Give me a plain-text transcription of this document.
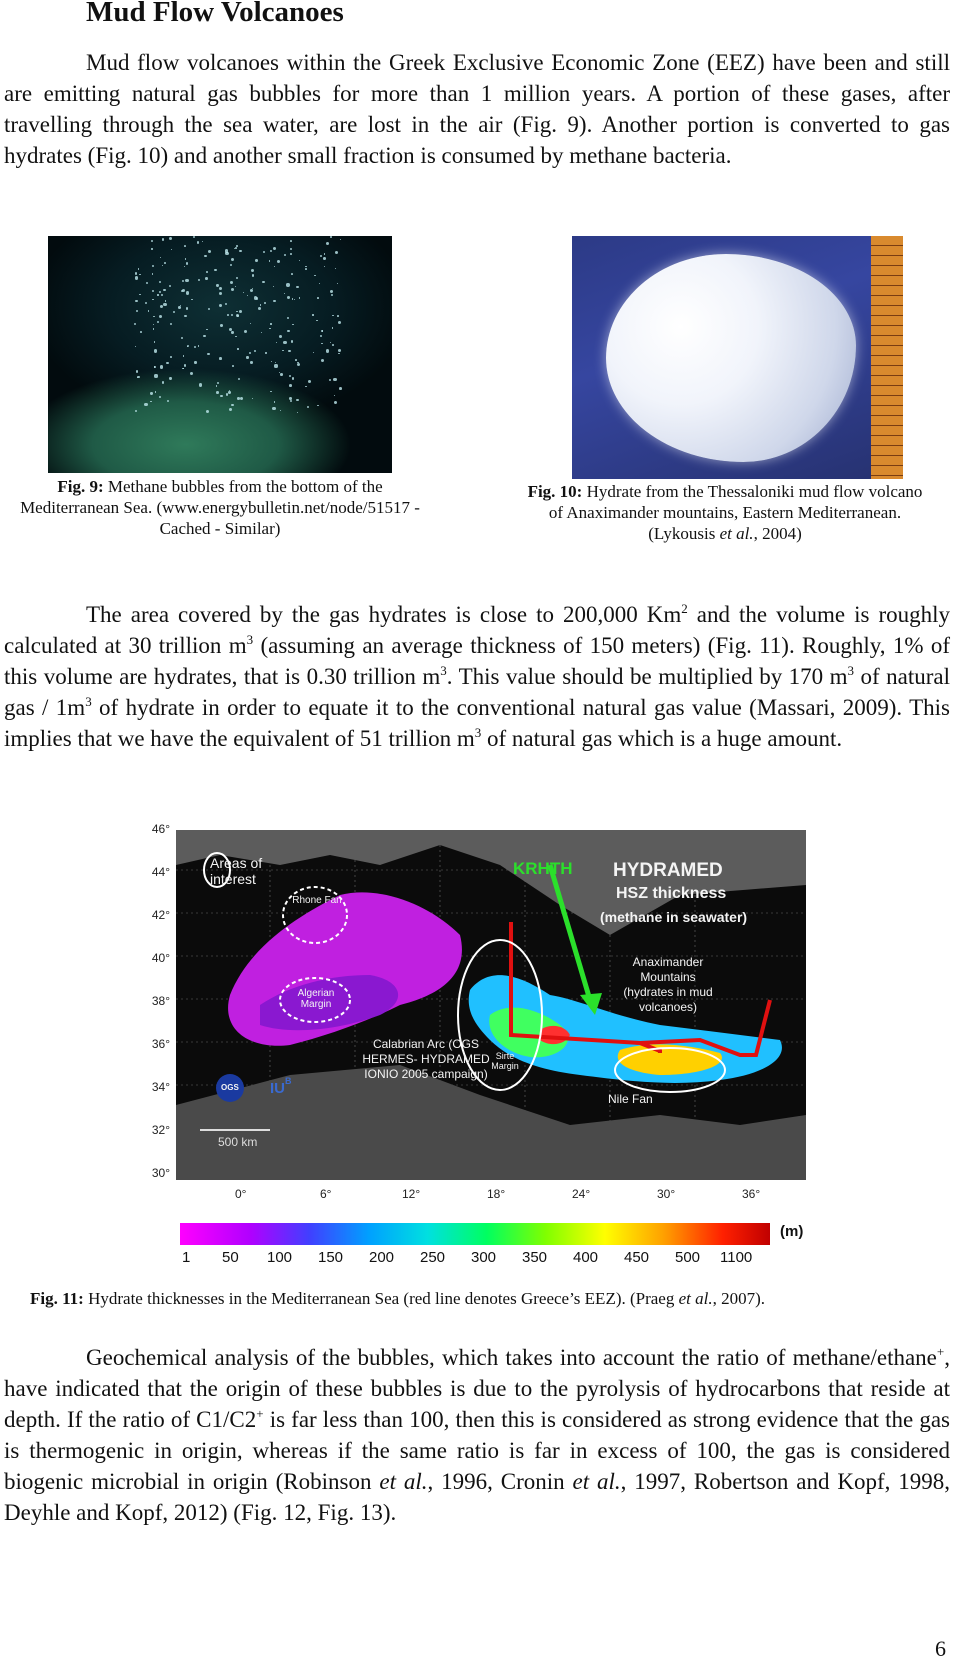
Mud Flow Volcanoes

Mud flow volcanoes within the Greek Exclusive Economic Zone (EEZ) have been and still are emitting natural gas bubbles for more than 1 million years. A portion of these gases, after travelling through the sea water, are lost in the air (Fig. 9). Another portion is converted to gas hydrates (Fig. 10) and another small fraction is consumed by methane bacteria.

Fig. 9: Methane bubbles from the bottom of the Mediterranean Sea. (www.energybulletin.net/node/51517 - Cached - Similar)

Fig. 10: Hydrate from the Thessaloniki mud flow volcano of Anaximander mountains, Eastern Mediterranean. (Lykousis et al., 2004)

The area covered by the gas hydrates is close to 200,000 Km$^2$ and the volume is roughly calculated at 30 trillion $m^3$ (assuming an average thickness of 150 meters) (Fig. 11). Roughly, 1% of this volume are hydrates, that is 0.30 trillion $m^3$. This value should be multiplied by 170 $m^3$ of natural gas / $1m^3$ of hydrate in order to equate it to the conventional natural gas value (Massari, 2009). This implies that we have the equivalent of 51 trillion $m^3$ of natural gas which is a huge amount.

Areas of interest	HYDRAMED
HSZ thickness
(methane in seawater)
KRHTH
Rhone Fan
Algerian Margin
Calabrian Arc (OGS HERMES- HYDRAMED IONIO 2005 campaign)
Anaximander Mountains (hydrates in mud volcanoes)
Sirte Margin
Nile Fan
500 km
OGS $IU^B$
46°
44°
42°
40°
38°
36°
34°
32°
30°
0°	6°	12°	18°	24°	30°	36°
(m)
1 50 100 150 200 250 300 350 400 450 500 1100

Fig. 11: Hydrate thicknesses in the Mediterranean Sea (red line denotes Greece’s EEZ). (Praeg et al., 2007).

Geochemical analysis of the bubbles, which takes into account the ratio of methane/ethane+, have indicated that the origin of these bubbles is due to the pyrolysis of hydrocarbons that reside at depth. If the ratio of C1/C2+ is far less than 100, then this is considered as strong evidence that the gas is thermogenic in origin, whereas if the same ratio is far in excess of 100, the gas is considered biogenic microbial in origin (Robinson et al., 1996, Cronin et al., 1997, Robertson and Kopf, 1998, Deyhle and Kopf, 2012) (Fig. 12, Fig. 13).

6
